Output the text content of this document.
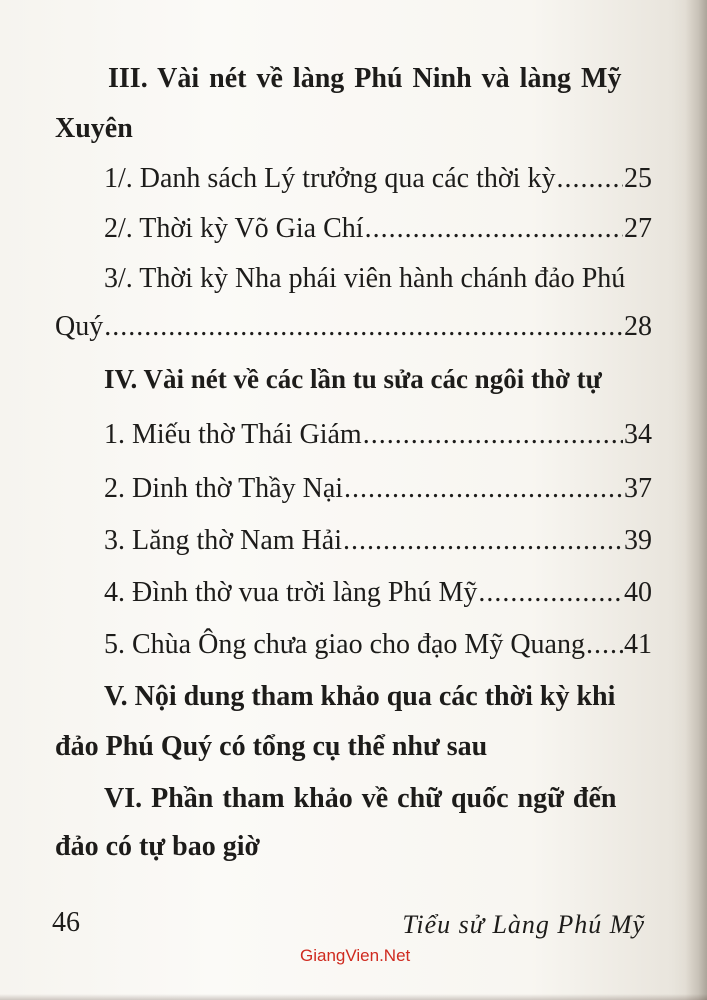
III. Vài nét về làng Phú Ninh và làng Mỹ
Xuyên
1/. Danh sách Lý trưởng qua các thời kỳ ..... 25
2/. Thời kỳ Võ Gia Chí .....	27
3/. Thời kỳ Nha phái viên hành chánh đảo Phú
Quý .....	28
IV. Vài nét về các lần tu sửa các ngôi thờ tự
1. Miếu thờ Thái Giám .....	34
2. Dinh thờ Thầy Nại .....	37
3. Lăng thờ Nam Hải .....	39
4. Đình thờ vua trời làng Phú Mỹ .....	40
5. Chùa Ông chưa giao cho đạo Mỹ Quang ..... 41
V. Nội dung tham khảo qua các thời kỳ khi
đảo Phú Quý có tổng cụ thể như sau
VI. Phần tham khảo về chữ quốc ngữ đến
đảo có tự bao giờ
46	Tiểu sử Làng Phú Mỹ
GiangVien.Net
